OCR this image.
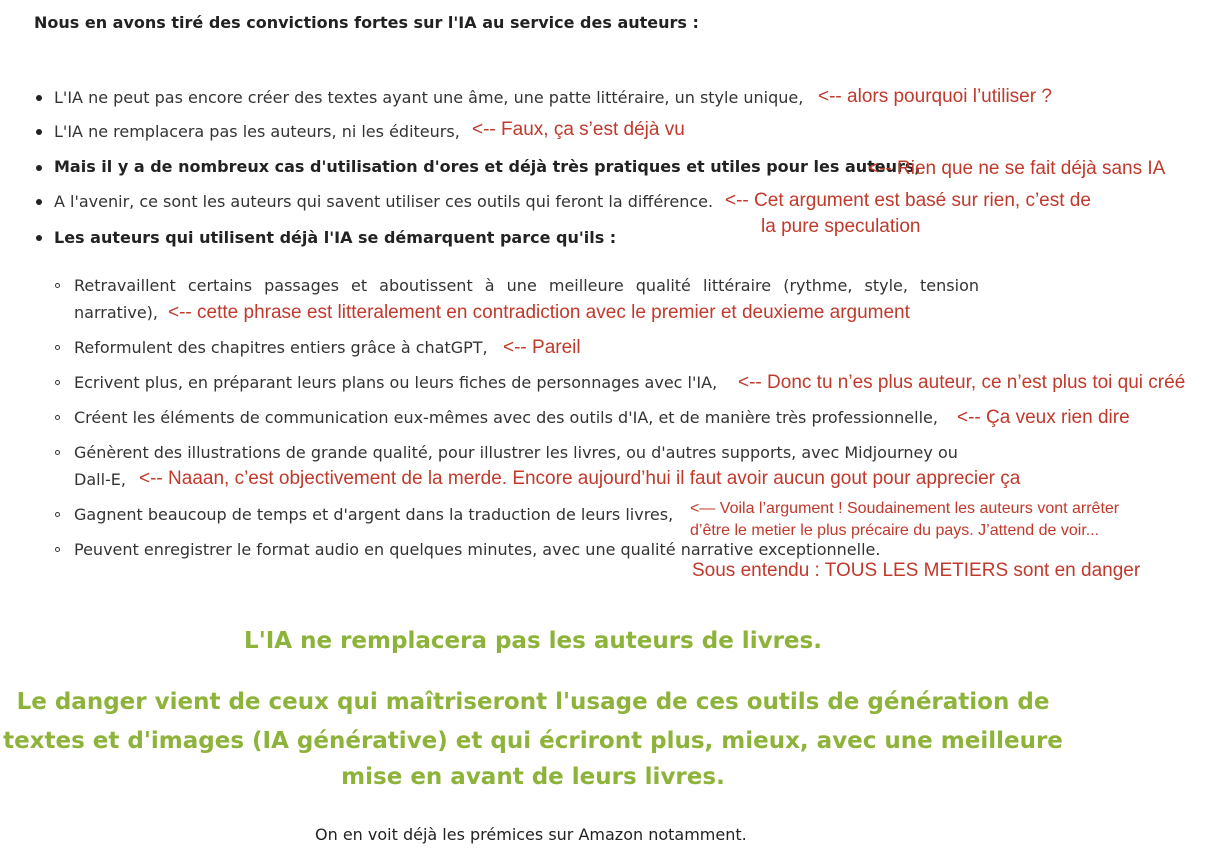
Nous en avons tiré des convictions fortes sur l'IA au service des auteurs :
L'IA ne peut pas encore créer des textes ayant une âme, une patte littéraire, un style unique, <-- alors pourquoi l’utiliser ?
L'IA ne remplacera pas les auteurs, ni les éditeurs, <-- Faux, ça s’est déjà vu
Mais il y a de nombreux cas d'utilisation d'ores et déjà très pratiques et utiles pour les auteurs,
<-- Rien que ne se fait déjà sans IA
A l'avenir, ce sont les auteurs qui savent utiliser ces outils qui feront la différence. <-- Cet argument est basé sur rien, c’est de
la pure speculation
Les auteurs qui utilisent déjà l'IA se démarquent parce qu'ils :
Retravaillent certains passages et aboutissent à une meilleure qualité littéraire (rythme, style, tension
narrative), <-- cette phrase est litteralement en contradiction avec le premier et deuxieme argument
Reformulent des chapitres entiers grâce à chatGPT, <-- Pareil
Ecrivent plus, en préparant leurs plans ou leurs fiches de personnages avec l'IA, <-- Donc tu n’es plus auteur, ce n’est plus toi qui créé
Créent les éléments de communication eux-mêmes avec des outils d'IA, et de manière très professionnelle, <-- Ça veux rien dire
Génèrent des illustrations de grande qualité, pour illustrer les livres, ou d'autres supports, avec Midjourney ou
Dall-E, <-- Naaan, c’est objectivement de la merde. Encore aujourd’hui il faut avoir aucun gout pour apprecier ça
Gagnent beaucoup de temps et d'argent dans la traduction de leurs livres, <— Voila l’argument ! Soudainement les auteurs vont arrêter
d’être le metier le plus précaire du pays. J’attend de voir...
Peuvent enregistrer le format audio en quelques minutes, avec une qualité narrative exceptionnelle.
Sous entendu : TOUS LES METIERS sont en danger
L'IA ne remplacera pas les auteurs de livres.
Le danger vient de ceux qui maîtriseront l'usage de ces outils de génération de
textes et d'images (IA générative) et qui écriront plus, mieux, avec une meilleure
mise en avant de leurs livres.
On en voit déjà les prémices sur Amazon notamment.
